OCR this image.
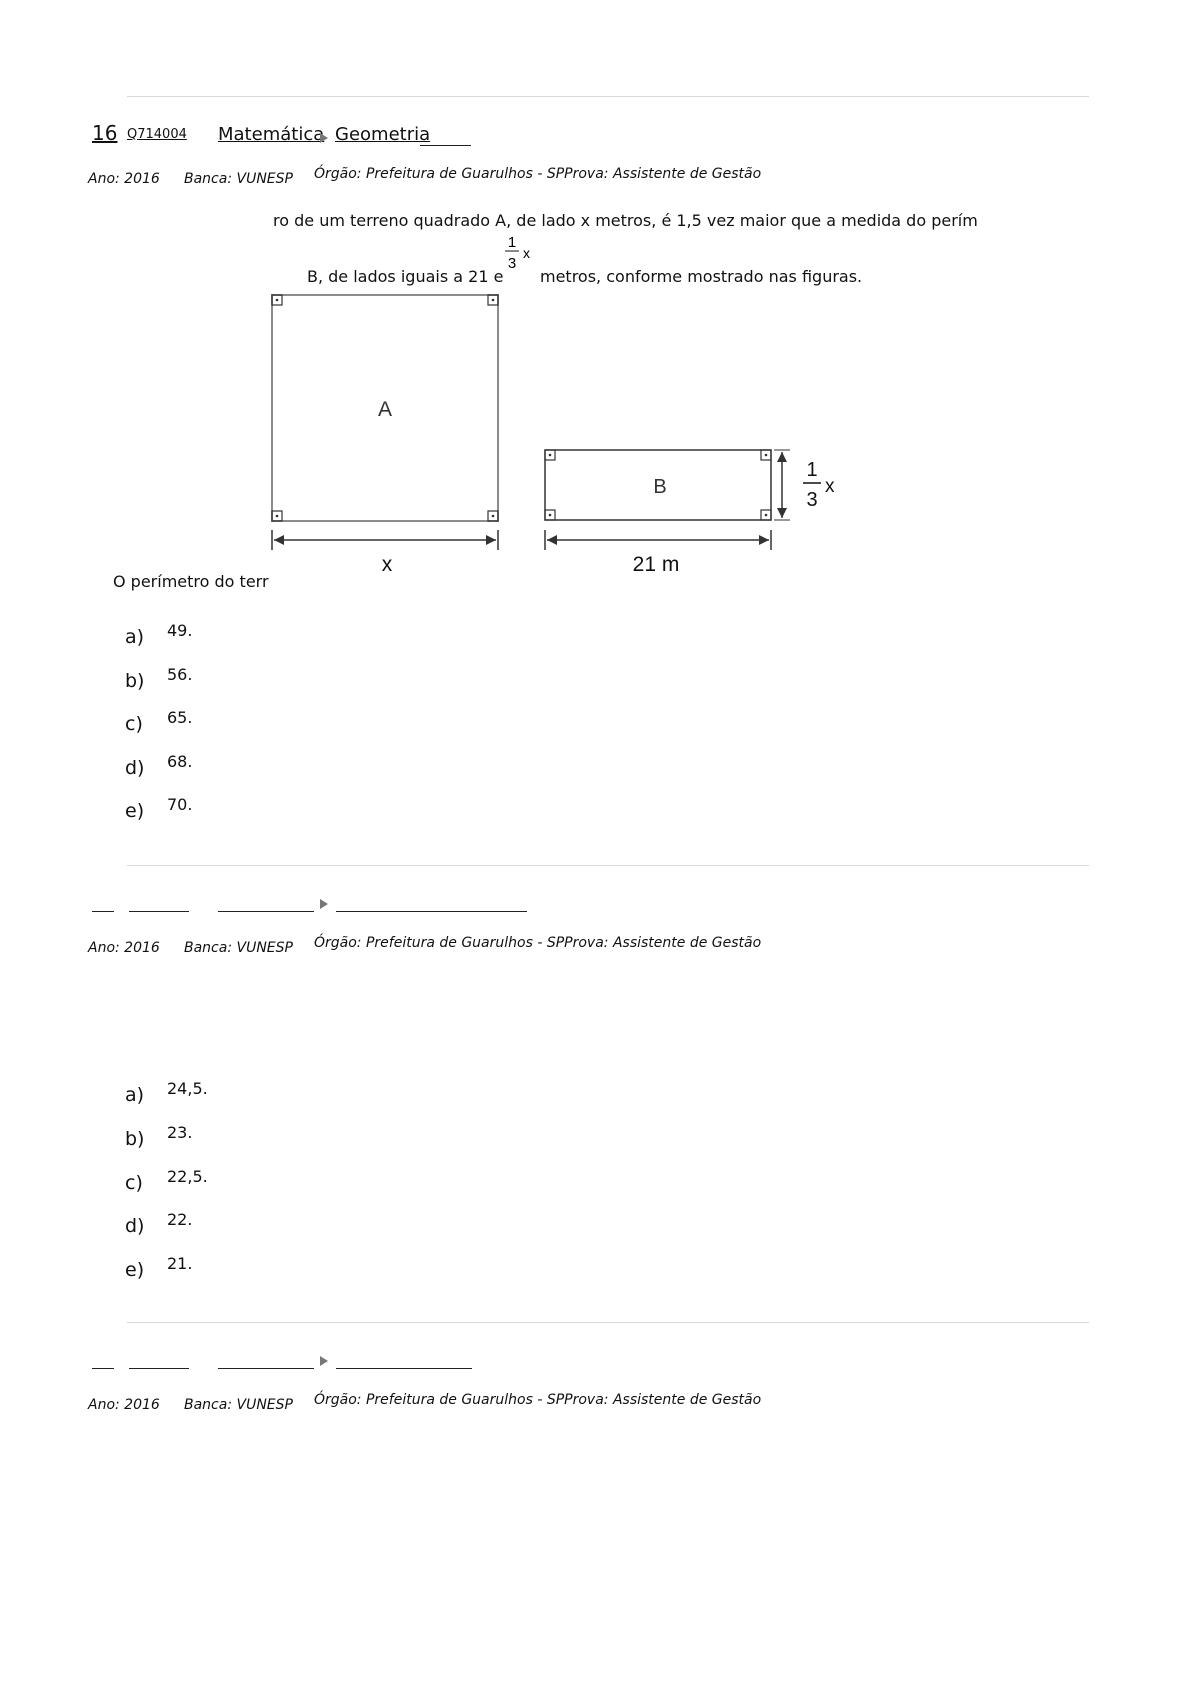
16 Q714004 Matemática Geometria
Ano: 2016 Banca: VUNESP Órgão: Prefeitura de Guarulhos - SPProva: Assistente de Gestão
ro de um terreno quadrado A, de lado x metros, é 1,5 vez maior que a medida do perím
B, de lados iguais a 21 e metros, conforme mostrado nas figuras.
1
3
x
A
x
B
1
3
x
21 m
O perímetro do terr
a) 49.
b) 56.
c) 65.
d) 68.
e) 70.
Ano: 2016 Banca: VUNESP Órgão: Prefeitura de Guarulhos - SPProva: Assistente de Gestão
a) 24,5.
b) 23.
c) 22,5.
d) 22.
e) 21.
Ano: 2016 Banca: VUNESP Órgão: Prefeitura de Guarulhos - SPProva: Assistente de Gestão
